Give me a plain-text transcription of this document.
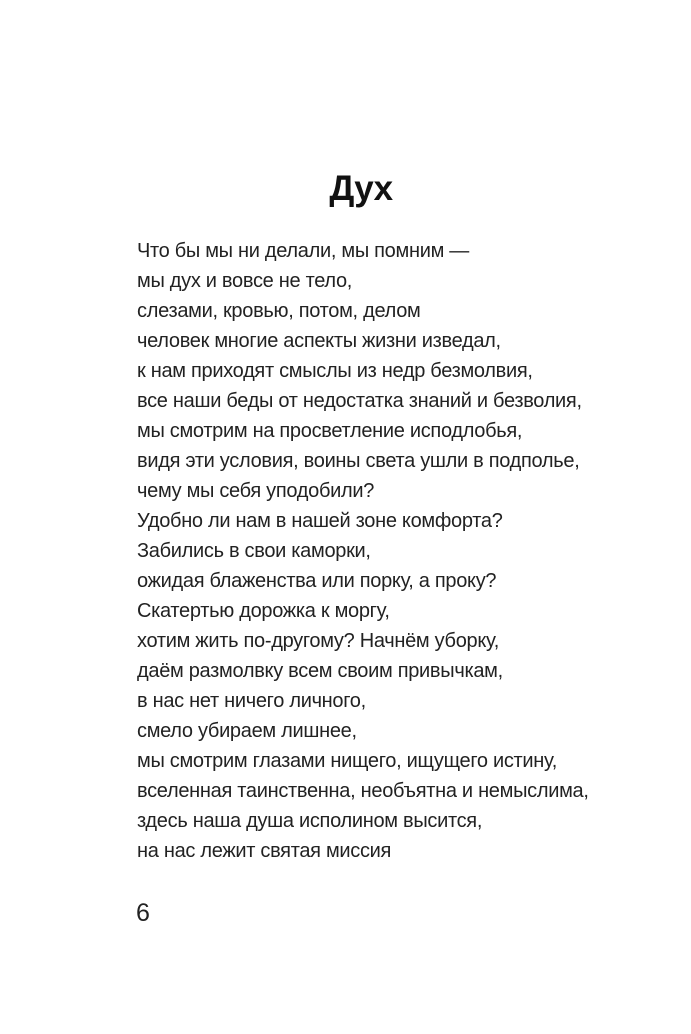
Дух
Что бы мы ни делали, мы помним —
мы дух и вовсе не тело,
слезами, кровью, потом, делом
человек многие аспекты жизни изведал,
к нам приходят смыслы из недр безмолвия,
все наши беды от недостатка знаний и безволия,
мы смотрим на просветление исподлобья,
видя эти условия, воины света ушли в подполье,
чему мы себя уподобили?
Удобно ли нам в нашей зоне комфорта?
Забились в свои каморки,
ожидая блаженства или порку, а проку?
Скатертью дорожка к моргу,
хотим жить по-другому? Начнём уборку,
даём размолвку всем своим привычкам,
в нас нет ничего личного,
смело убираем лишнее,
мы смотрим глазами нищего, ищущего истину,
вселенная таинственна, необъятна и немыслима,
здесь наша душа исполином высится,
на нас лежит святая миссия
6
